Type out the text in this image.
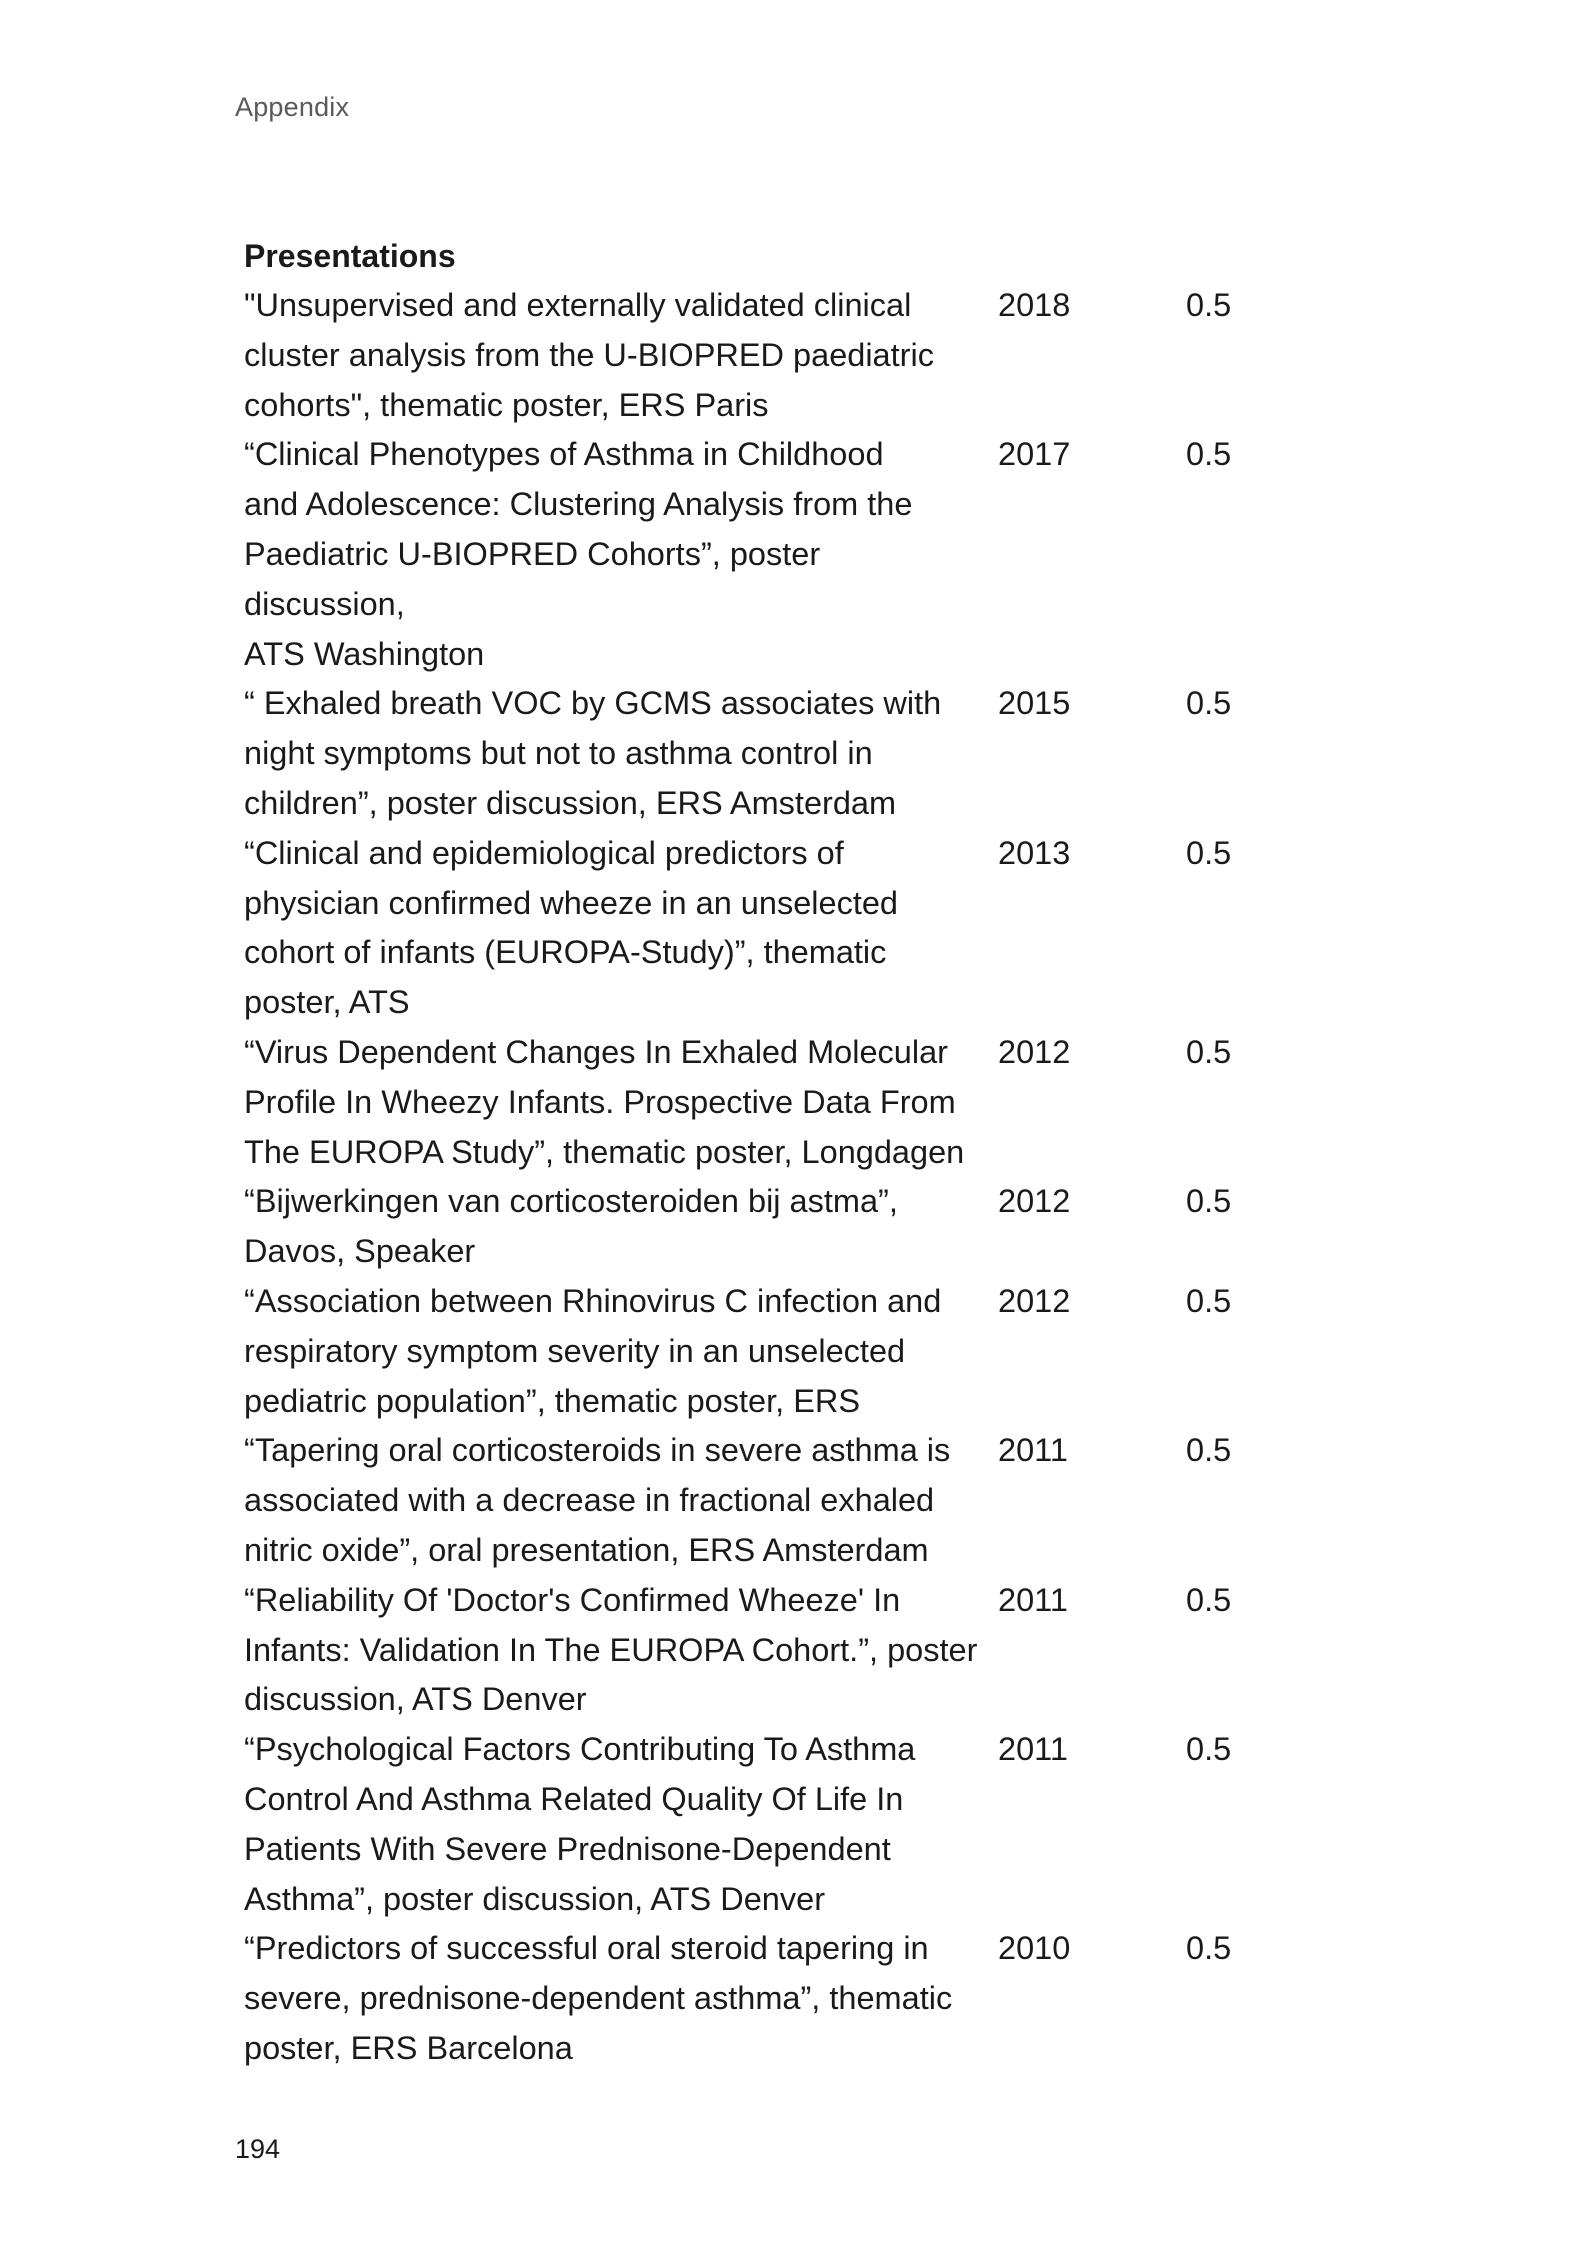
Appendix
Presentations
"Unsupervised and externally validated clinical
cluster analysis from the U-BIOPRED paediatric
cohorts", thematic poster, ERS Paris
2018	0.5
“Clinical Phenotypes of Asthma in Childhood
and Adolescence: Clustering Analysis from the
Paediatric U-BIOPRED Cohorts”, poster discussion,
ATS Washington
2017	0.5
“ Exhaled breath VOC by GCMS associates with
night symptoms but not to asthma control in
children”, poster discussion, ERS Amsterdam
2015	0.5
“Clinical and epidemiological predictors of
physician confirmed wheeze in an unselected
cohort of infants (EUROPA-Study)”, thematic
poster, ATS
2013	0.5
“Virus Dependent Changes In Exhaled Molecular
Profile In Wheezy Infants. Prospective Data From
The EUROPA Study”, thematic poster, Longdagen
2012	0.5
“Bijwerkingen van corticosteroiden bij astma”,
Davos, Speaker
2012	0.5
“Association between Rhinovirus C infection and
respiratory symptom severity in an unselected
pediatric population”, thematic poster, ERS
2012	0.5
“Tapering oral corticosteroids in severe asthma is
associated with a decrease in fractional exhaled
nitric oxide”, oral presentation, ERS Amsterdam
2011	0.5
“Reliability Of 'Doctor's Confirmed Wheeze' In
Infants: Validation In The EUROPA Cohort.”, poster
discussion, ATS Denver
2011	0.5
“Psychological Factors Contributing To Asthma
Control And Asthma Related Quality Of Life In
Patients With Severe Prednisone-Dependent
Asthma”, poster discussion, ATS Denver
2011	0.5
“Predictors of successful oral steroid tapering in
severe, prednisone-dependent asthma”, thematic
poster, ERS Barcelona
2010	0.5
194
